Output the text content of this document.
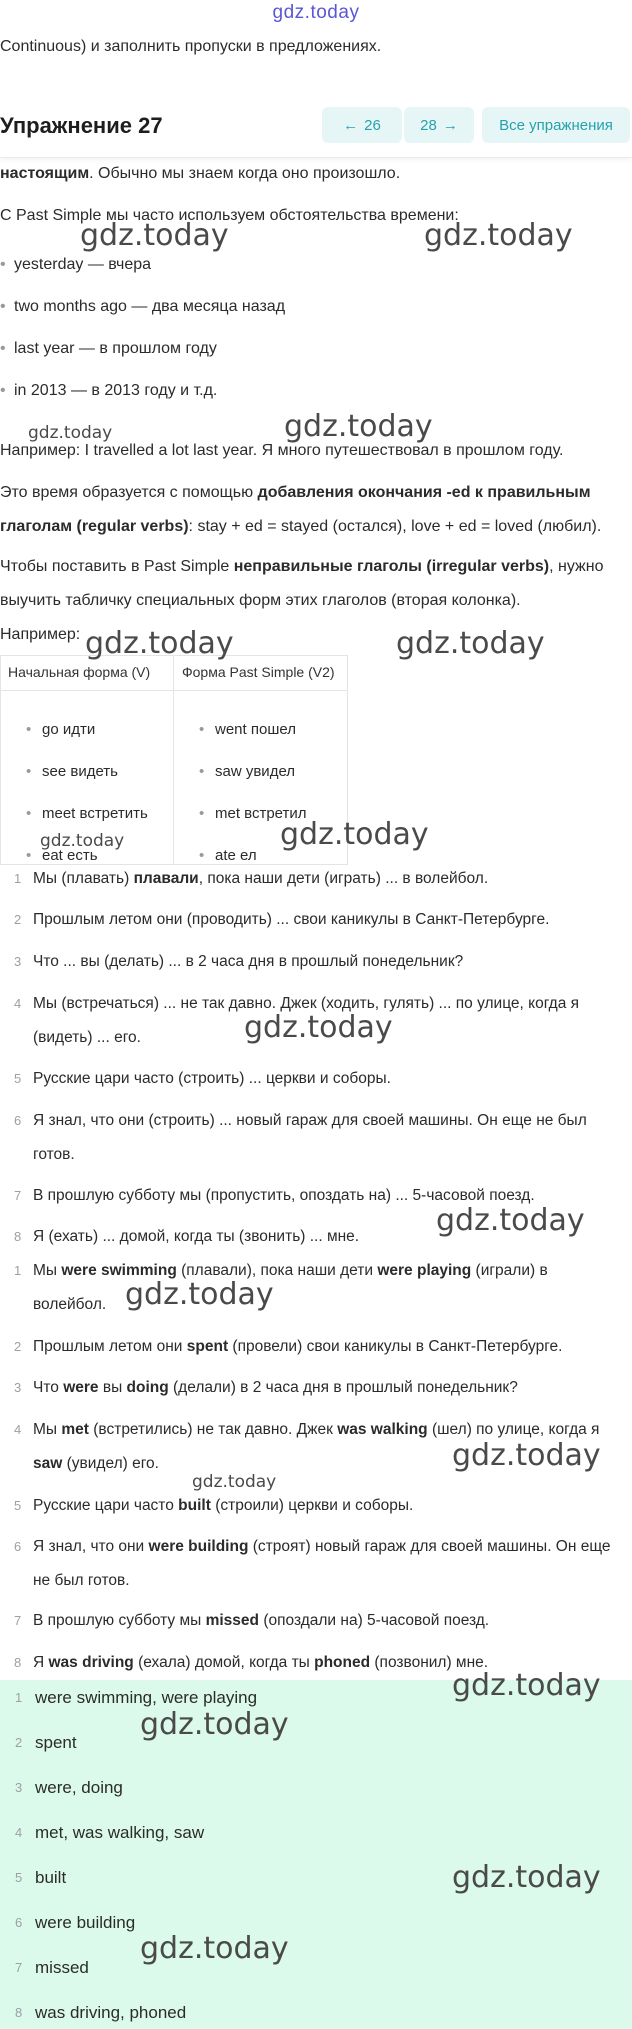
gdz.today
Continuous) и заполнить пропуски в предложениях.
Упражнение 27	← 26	28 →	Все упражнения
настоящим. Обычно мы знаем когда оно произошло.
С Past Simple мы часто используем обстоятельства времени:
• yesterday — вчера
• two months ago — два месяца назад
• last year — в прошлом году
• in 2013 — в 2013 году и т.д.
Например: I travelled a lot last year. Я много путешествовал в прошлом году.
Это время образуется с помощью добавления окончания -ed к правильным глаголам (regular verbs): stay + ed = stayed (остался), love + ed = loved (любил).
Чтобы поставить в Past Simple неправильные глаголы (irregular verbs), нужно выучить табличку специальных форм этих глаголов (вторая колонка).
Например:
Начальная форма (V) Форма Past Simple (V2)
• go идти	• went пошел
• see видеть	• saw увидел
• meet встретить	• met встретил
• eat есть	• ate ел
1 Мы (плавать) плавали, пока наши дети (играть) ... в волейбол.
2 Прошлым летом они (проводить) ... свои каникулы в Санкт-Петербурге.
3 Что ... вы (делать) ... в 2 часа дня в прошлый понедельник?
4 Мы (встречаться) ... не так давно. Джек (ходить, гулять) ... по улице, когда я (видеть) ... его.
5 Русские цари часто (строить) ... церкви и соборы.
6 Я знал, что они (строить) ... новый гараж для своей машины. Он еще не был готов.
7 В прошлую субботу мы (пропустить, опоздать на) ... 5-часовой поезд.
8 Я (ехать) ... домой, когда ты (звонить) ... мне.
1 Мы were swimming (плавали), пока наши дети were playing (играли) в волейбол.
2 Прошлым летом они spent (провели) свои каникулы в Санкт-Петербурге.
3 Что were вы doing (делали) в 2 часа дня в прошлый понедельник?
4 Мы met (встретились) не так давно. Джек was walking (шел) по улице, когда я saw (увидел) его.
5 Русские цари часто built (строили) церкви и соборы.
6 Я знал, что они were building (строят) новый гараж для своей машины. Он еще не был готов.
7 В прошлую субботу мы missed (опоздали на) 5-часовой поезд.
8 Я was driving (ехала) домой, когда ты phoned (позвонил) мне.
1 were swimming, were playing
2 spent
3 were, doing
4 met, was walking, saw
5 built
6 were building
7 missed
8 was driving, phoned
gdz.today	gdz.today
gdz.today	gdz.today
gdz.today	gdz.today
gdz.today	gdz.today
gdz.today
gdz.today
gdz.today
gdz.today
gdz.today
gdz.today
gdz.today
gdz.today
gdz.today
